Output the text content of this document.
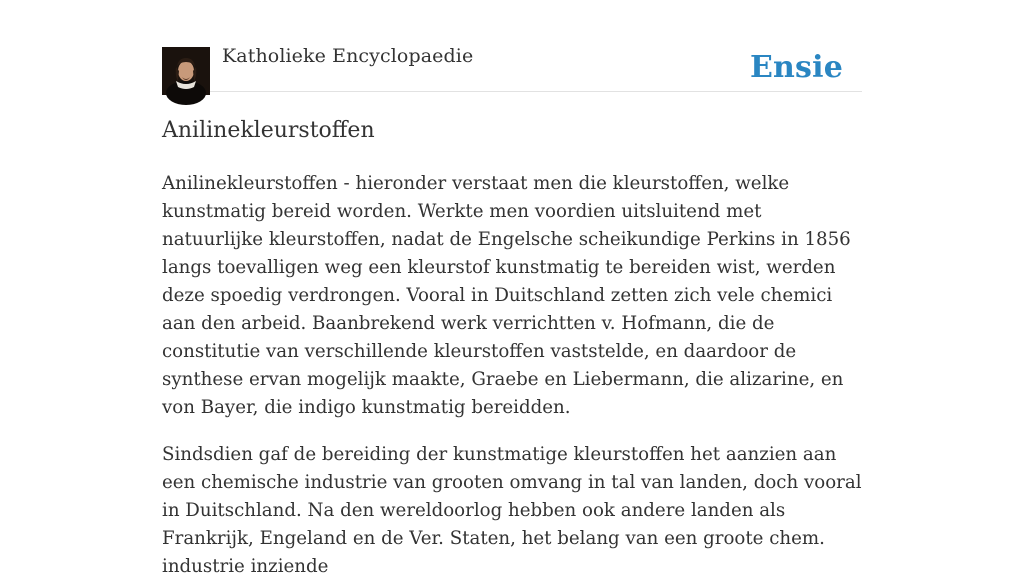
Katholieke Encyclopaedie	Ensie
Anilinekleurstoffen

Anilinekleurstoffen - hieronder verstaat men die kleurstoffen, welke kunstmatig bereid worden. Werkte men voordien uitsluitend met natuurlijke kleurstoffen, nadat de Engelsche scheikundige Perkins in 1856 langs toevalligen weg een kleurstof kunstmatig te bereiden wist, werden deze spoedig verdrongen. Vooral in Duitschland zetten zich vele chemici aan den arbeid. Baanbrekend werk verrichtten v. Hofmann, die de constitutie van verschillende kleurstoffen vaststelde, en daardoor de synthese ervan mogelijk maakte, Graebe en Liebermann, die alizarine, en von Bayer, die indigo kunstmatig bereidden.

Sindsdien gaf de bereiding der kunstmatige kleurstoffen het aanzien aan een chemische industrie van grooten omvang in tal van landen, doch vooral in Duitschland. Na den wereldoorlog hebben ook andere landen als Frankrijk, Engeland en de Ver. Staten, het belang van een groote chem. industrie inziende
